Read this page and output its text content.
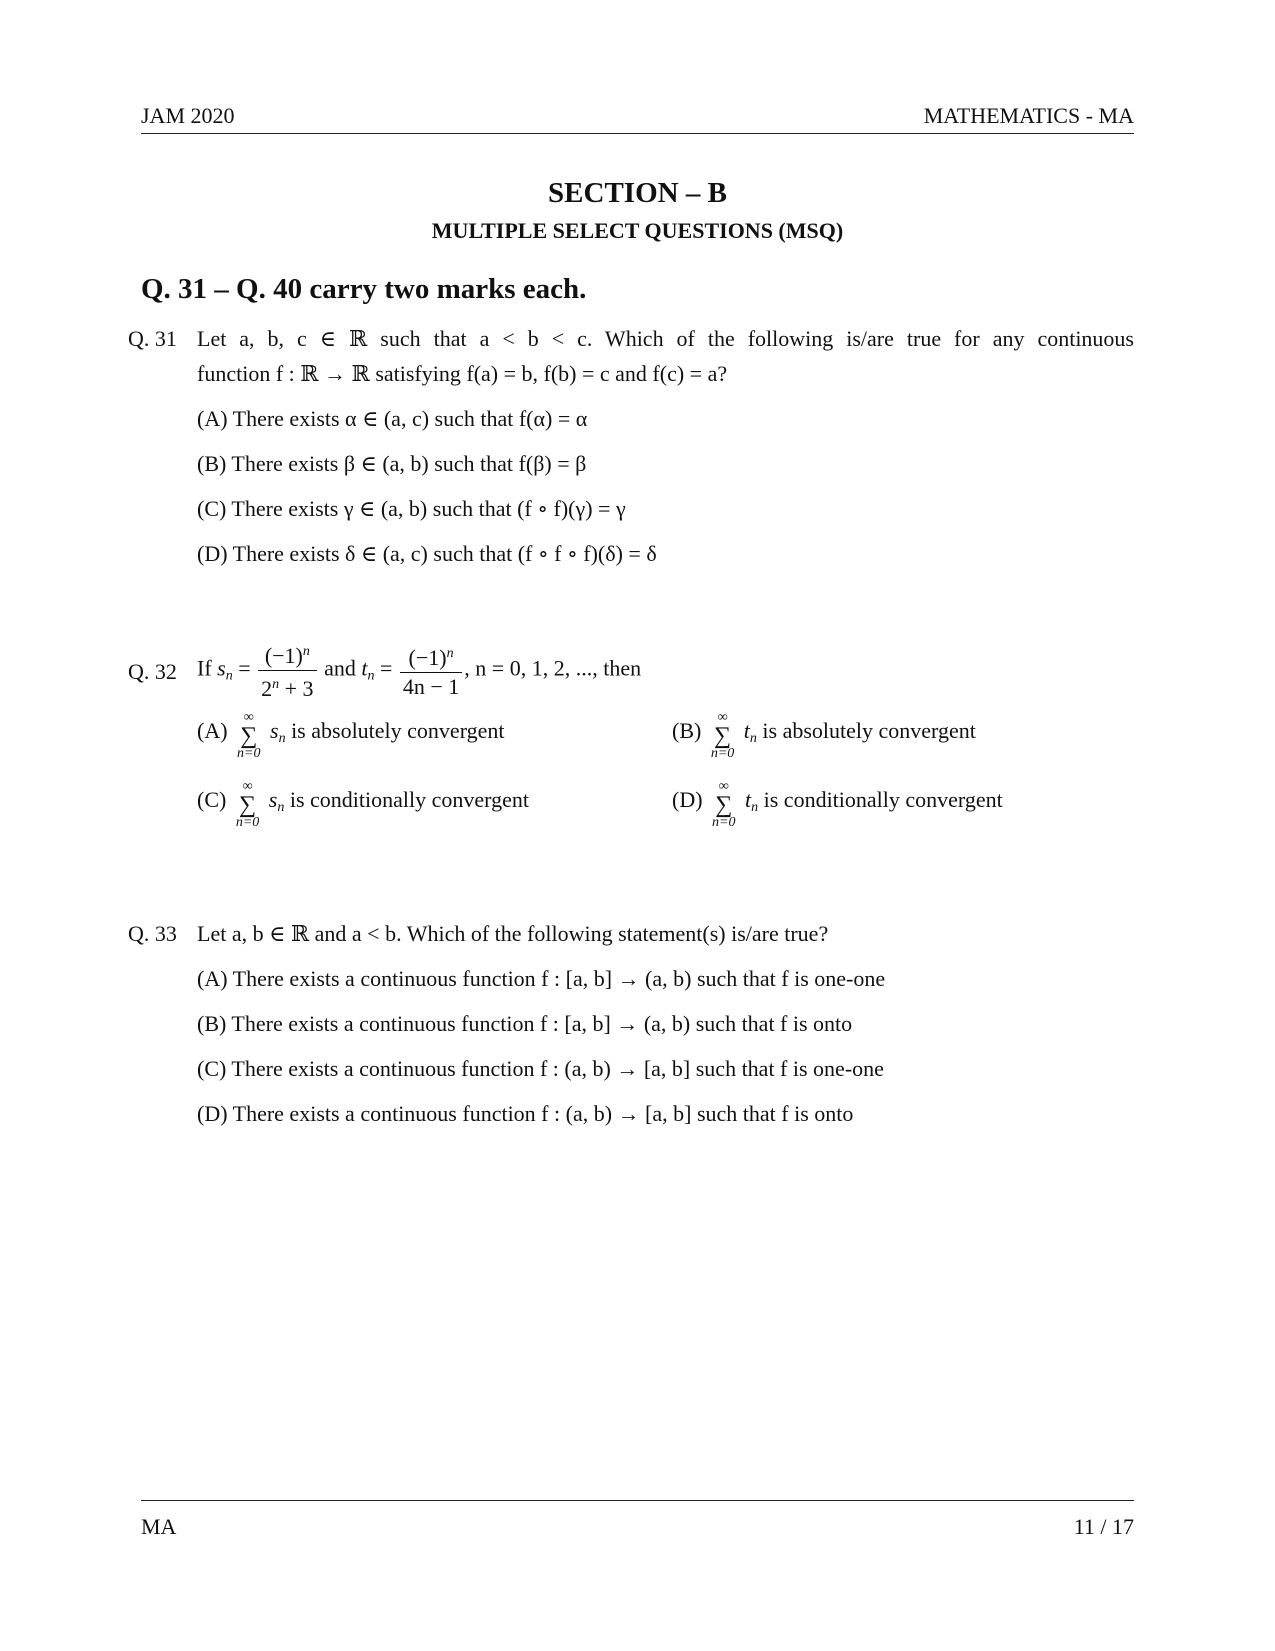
JAM 2020	MATHEMATICS - MA
SECTION – B
MULTIPLE SELECT QUESTIONS (MSQ)
Q. 31 – Q. 40 carry two marks each.
Q. 31 Let a, b, c ∈ ℝ such that a < b < c. Which of the following is/are true for any continuous
function f : ℝ → ℝ satisfying f(a) = b, f(b) = c and f(c) = a?
(A) There exists α ∈ (a, c) such that f(α) = α
(B) There exists β ∈ (a, b) such that f(β) = β
(C) There exists γ ∈ (a, b) such that (f ∘ f)(γ) = γ
(D) There exists δ ∈ (a, c) such that (f ∘ f ∘ f)(δ) = δ
Q. 32 If $s_n = \frac{(-1)^n}{2^n + 3}$ and $t_n = \frac{(-1)^n}{4n - 1}$ , n = 0, 1, 2, ..., then
(A)
∞
∑
n=0
$s_n$ is absolutely convergent	(B)
∞
∑
n=0
$t_n$ is absolutely convergent
(C)
∞
∑
n=0
$s_n$ is conditionally convergent	(D)
∞
∑
n=0
$t_n$ is conditionally convergent
Q. 33 Let a, b ∈ ℝ and a < b. Which of the following statement(s) is/are true?
(A) There exists a continuous function f : [a, b] → (a, b) such that f is one-one
(B) There exists a continuous function f : [a, b] → (a, b) such that f is onto
(C) There exists a continuous function f : (a, b) → [a, b] such that f is one-one
(D) There exists a continuous function f : (a, b) → [a, b] such that f is onto
MA	11 / 17
